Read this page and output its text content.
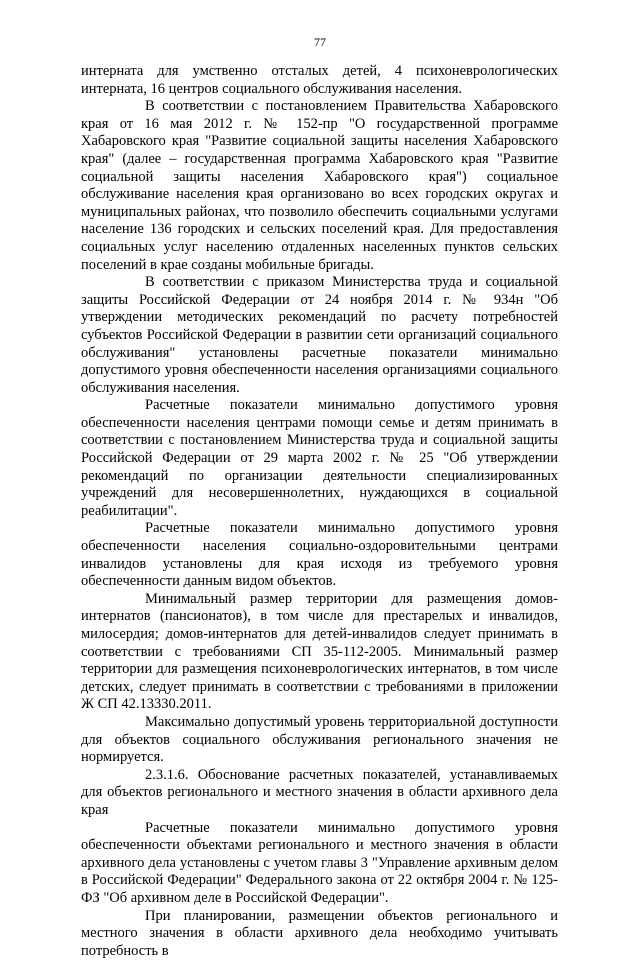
77

интерната для умственно отсталых детей, 4 психоневрологических интерната, 16 центров социального обслуживания населения.

В соответствии с постановлением Правительства Хабаровского края от 16 мая 2012 г. № 152-пр "О государственной программе Хабаровского края "Развитие социальной защиты населения Хабаровского края" (далее – государственная программа Хабаровского края "Развитие социальной защиты населения Хабаровского края") социальное обслуживание населения края организовано во всех городских округах и муниципальных районах, что позволило обеспечить социальными услугами население 136 городских и сельских поселений края. Для предоставления социальных услуг населению отдаленных населенных пунктов сельских поселений в крае созданы мобильные бригады.

В соответствии с приказом Министерства труда и социальной защиты Российской Федерации от 24 ноября 2014 г. № 934н "Об утверждении методических рекомендаций по расчету потребностей субъектов Российской Федерации в развитии сети организаций социального обслуживания" установлены расчетные показатели минимально допустимого уровня обеспеченности населения организациями социального обслуживания населения.

Расчетные показатели минимально допустимого уровня обеспеченности населения центрами помощи семье и детям принимать в соответствии с постановлением Министерства труда и социальной защиты Российской Федерации от 29 марта 2002 г. № 25 "Об утверждении рекомендаций по организации деятельности специализированных учреждений для несовершеннолетних, нуждающихся в социальной реабилитации".

Расчетные показатели минимально допустимого уровня обеспеченности населения социально-оздоровительными центрами инвалидов установлены для края исходя из требуемого уровня обеспеченности данным видом объектов.

Минимальный размер территории для размещения домов-интернатов (пансионатов), в том числе для престарелых и инвалидов, милосердия; домов-интернатов для детей-инвалидов следует принимать в соответствии с требованиями СП 35-112-2005. Минимальный размер территории для размещения психоневрологических интернатов, в том числе детских, следует принимать в соответствии с требованиями в приложении Ж СП 42.13330.2011.

Максимально допустимый уровень территориальной доступности для объектов социального обслуживания регионального значения не нормируется.

2.3.1.6. Обоснование расчетных показателей, устанавливаемых для объектов регионального и местного значения в области архивного дела края

Расчетные показатели минимально допустимого уровня обеспеченности объектами регионального и местного значения в области архивного дела установлены с учетом главы 3 "Управление архивным делом в Российской Федерации" Федерального закона от 22 октября 2004 г. № 125-ФЗ "Об архивном деле в Российской Федерации".

При планировании, размещении объектов регионального и местного значения в области архивного дела необходимо учитывать потребность в
